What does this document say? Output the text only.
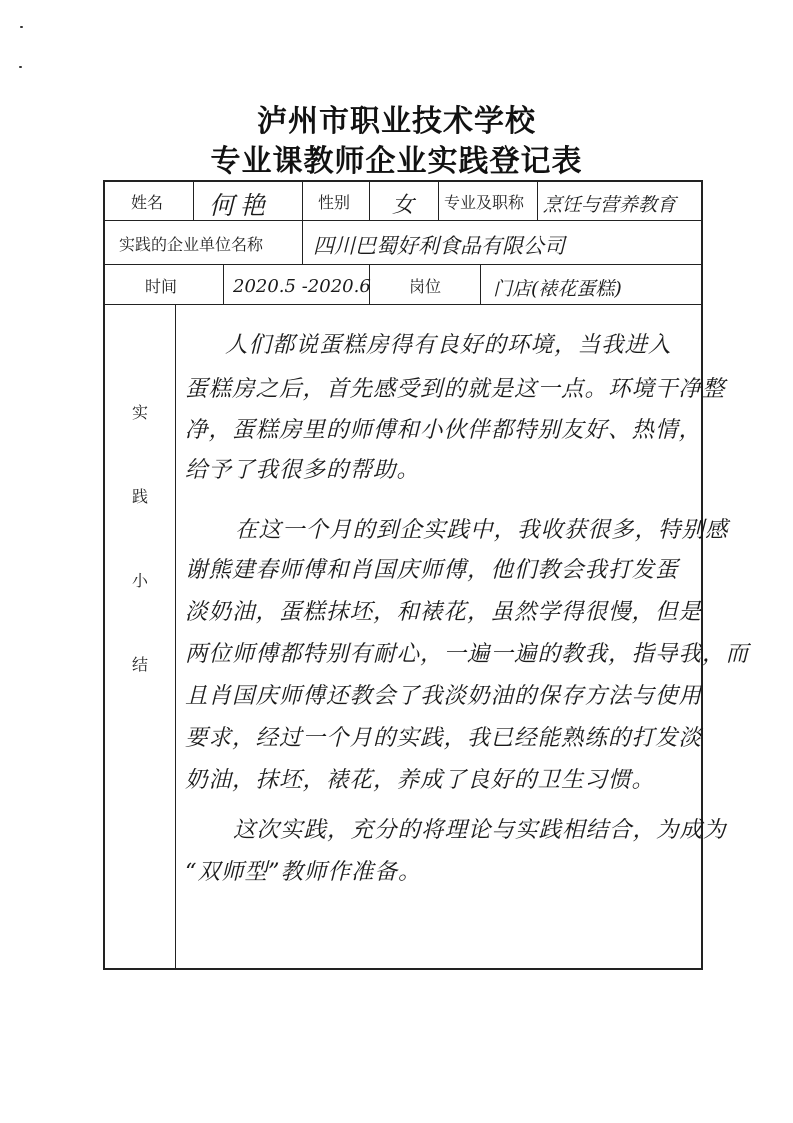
泸州市职业技术学校
专业课教师企业实践登记表
姓名 何艳	性别 女 专业及职称 烹饪与营养教育
实践的企业单位名称 四川巴蜀好利食品有限公司
时间	2020.5 -2020.6 岗位	门店(裱花蛋糕)
实
践
小
结
人们都说蛋糕房得有良好的环境，当我进入
蛋糕房之后，首先感受到的就是这一点。环境干净整
净，蛋糕房里的师傅和小伙伴都特别友好、热情，
给予了我很多的帮助。
在这一个月的到企实践中，我收获很多，特别感
谢熊建春师傅和肖国庆师傅，他们教会我打发蛋
淡奶油，蛋糕抹坯，和裱花，虽然学得很慢，但是
两位师傅都特别有耐心，一遍一遍的教我，指导我，而
且肖国庆师傅还教会了我淡奶油的保存方法与使用
要求，经过一个月的实践，我已经能熟练的打发淡
奶油，抹坯，裱花，养成了良好的卫生习惯。
这次实践，充分的将理论与实践相结合，为成为
“双师型”教师作准备。
